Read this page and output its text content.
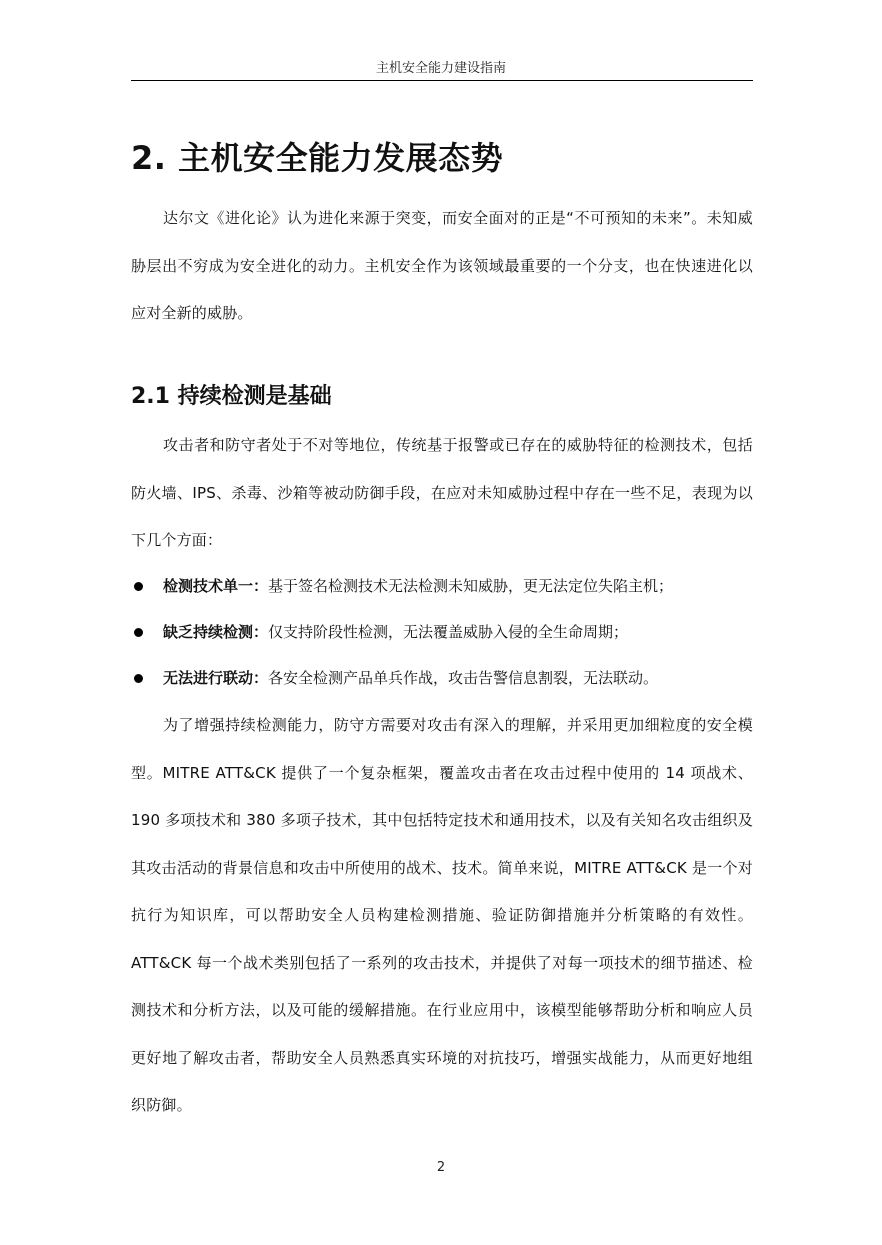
主机安全能力建设指南
2. 主机安全能力发展态势

达尔文《进化论》认为进化来源于突变，而安全面对的正是“不可预知的未来”。未知威胁层出不穷成为安全进化的动力。主机安全作为该领域最重要的一个分支，也在快速进化以应对全新的威胁。

2.1 持续检测是基础

攻击者和防守者处于不对等地位，传统基于报警或已存在的威胁特征的检测技术，包括防火墙、IPS、杀毒、沙箱等被动防御手段，在应对未知威胁过程中存在一些不足，表现为以下几个方面：

检测技术单一：基于签名检测技术无法检测未知威胁，更无法定位失陷主机；
缺乏持续检测：仅支持阶段性检测，无法覆盖威胁入侵的全生命周期；
无法进行联动：各安全检测产品单兵作战，攻击告警信息割裂，无法联动。

为了增强持续检测能力，防守方需要对攻击有深入的理解，并采用更加细粒度的安全模型。MITRE ATT&CK 提供了一个复杂框架，覆盖攻击者在攻击过程中使用的 14 项战术、190 多项技术和 380 多项子技术，其中包括特定技术和通用技术，以及有关知名攻击组织及其攻击活动的背景信息和攻击中所使用的战术、技术。简单来说，MITRE ATT&CK 是一个对抗行为知识库，可以帮助安全人员构建检测措施、验证防御措施并分析策略的有效性。ATT&CK 每一个战术类别包括了一系列的攻击技术，并提供了对每一项技术的细节描述、检测技术和分析方法，以及可能的缓解措施。在行业应用中，该模型能够帮助分析和响应人员更好地了解攻击者，帮助安全人员熟悉真实环境的对抗技巧，增强实战能力，从而更好地组织防御。

2
